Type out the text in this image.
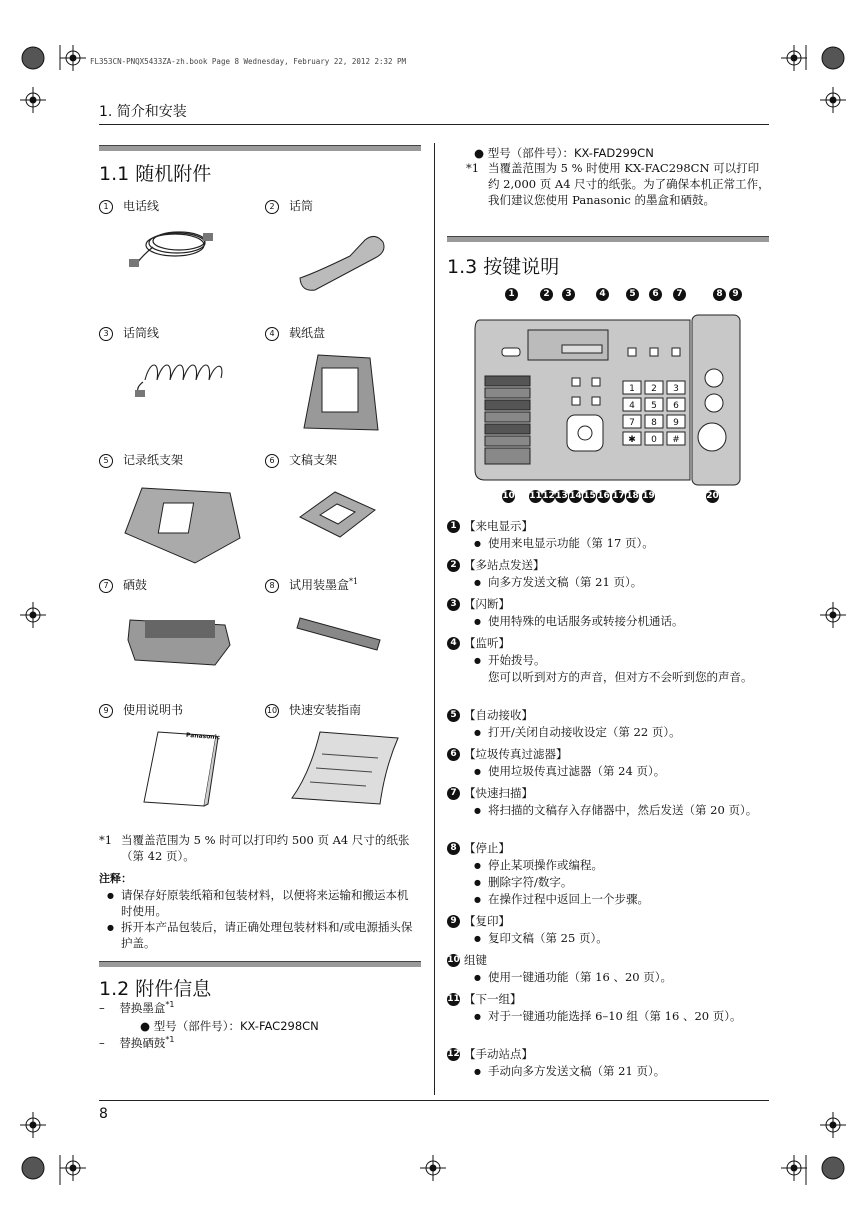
FL353CN-PNQX5433ZA-zh.book Page 8 Wednesday, February 22, 2012 2:32 PM
1. 简介和安装
1.1 随机附件
1 电话线	2 话筒
3 话筒线	4 载纸盘
5 记录纸支架	6 文稿支架
7 硒鼓	8 试用装墨盒$^{*1}$
9 使用说明书	10 快速安装指南
Panasonic
*1 当覆盖范围为 5 % 时可以打印约 500 页 A4 尺寸的纸张（第 42 页）。
注释：
● 请保存好原装纸箱和包装材料，以便将来运输和搬运本机时使用。
● 拆开本产品包装后，请正确处理包装材料和/或电源插头保护盖。
1.2 附件信息
– 替换墨盒$^{*1}$
● 型号（部件号）：KX-FAC298CN
– 替换硒鼓$^{*1}$
● 型号（部件号）：KX-FAD299CN
*1 当覆盖范围为 5 % 时使用 KX-FAC298CN 可以打印约 2,000 页 A4 尺寸的纸张。为了确保本机正常工作，我们建议您使用 Panasonic 的墨盒和硒鼓。
1.3 按键说明
1 2 3
4 5 6
7 8 9
✱ 0 #
1	2	3	4	5	6	7	8	9
10 11 12 13 14 15 16 17 18 19	20
1 【来电显示】
● 使用来电显示功能（第 17 页）。
2 【多站点发送】
● 向多方发送文稿（第 21 页）。
3 【闪断】
● 使用特殊的电话服务或转接分机通话。
4 【监听】
● 开始拨号。
您可以听到对方的声音，但对方不会听到您的声音。
5 【自动接收】
● 打开/关闭自动接收设定（第 22 页）。
6 【垃圾传真过滤器】
● 使用垃圾传真过滤器（第 24 页）。
7 【快速扫描】
● 将扫描的文稿存入存储器中，然后发送（第 20 页）。
8 【停止】
● 停止某项操作或编程。
● 删除字符/数字。
● 在操作过程中返回上一个步骤。
9 【复印】
● 复印文稿（第 25 页）。
10 组键
● 使用一键通功能（第 16 、20 页）。
11 【下一组】
● 对于一键通功能选择 6–10 组（第 16 、20 页）。
12 【手动站点】
● 手动向多方发送文稿（第 21 页）。
8
